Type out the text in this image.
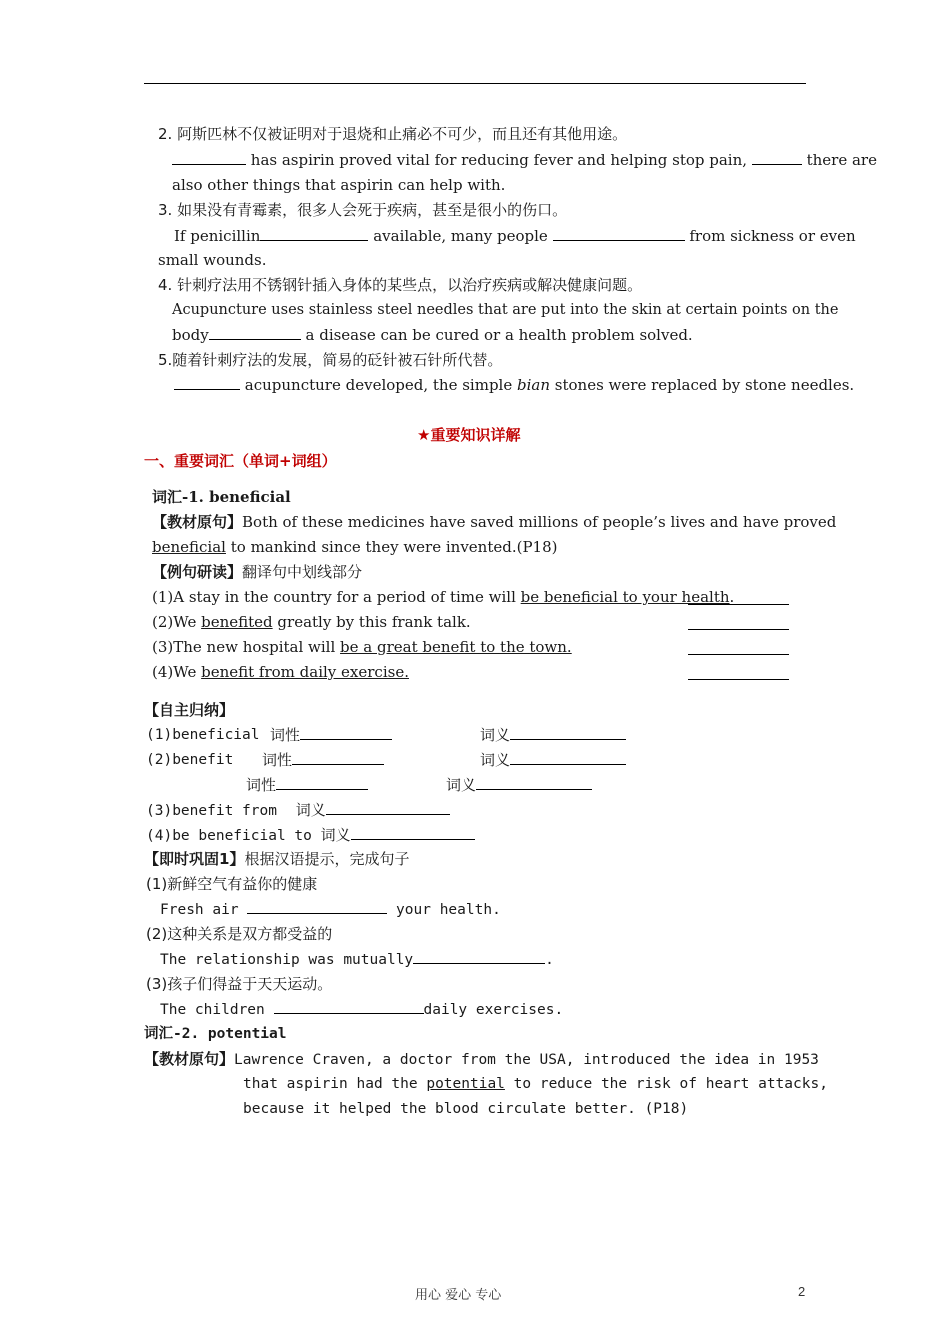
2. 阿斯匹林不仅被证明对于退烧和止痛必不可少，而且还有其他用途。
has aspirin proved vital for reducing fever and helping stop pain,	there are
also other things that aspirin can help with.
3. 如果没有青霉素，很多人会死于疾病，甚至是很小的伤口。
If penicillin	available, many people	from sickness or even
small wounds.
4. 针刺疗法用不锈钢针插入身体的某些点，以治疗疾病或解决健康问题。
Acupuncture uses stainless steel needles that are put into the skin at certain points on the
body	a disease can be cured or a health problem solved.
5.随着针刺疗法的发展，简易的砭针被石针所代替。
acupuncture developed, the simple bian stones were replaced by stone needles.
★重要知识详解
一、重要词汇（单词+词组）
词汇-1. beneficial
【教材原句】Both of these medicines have saved millions of people’s lives and have proved
beneficial to mankind since they were invented.(P18)
【例句研读】翻译句中划线部分
(1)A stay in the country for a period of time will be beneficial to your health.
(2)We benefited greatly by this frank talk.
(3)The new hospital will be a great benefit to the town.
(4)We benefit from daily exercise.
【自主归纳】
(1)beneficial 词性	词义
(2)benefit 词性	词义
词性	词义
(3)benefit from 词义
(4)be beneficial to 词义
【即时巩固1】根据汉语提示，完成句子
(1)新鲜空气有益你的健康
Fresh air	your health.
(2)这种关系是双方都受益的
The relationship was mutually	.
(3)孩子们得益于天天运动。
The children	daily exercises.
词汇-2. potential
【教材原句】Lawrence Craven, a doctor from the USA, introduced the idea in 1953
that aspirin had the potential to reduce the risk of heart attacks,
because it helped the blood circulate better. (P18)
用心 爱心 专心	2
